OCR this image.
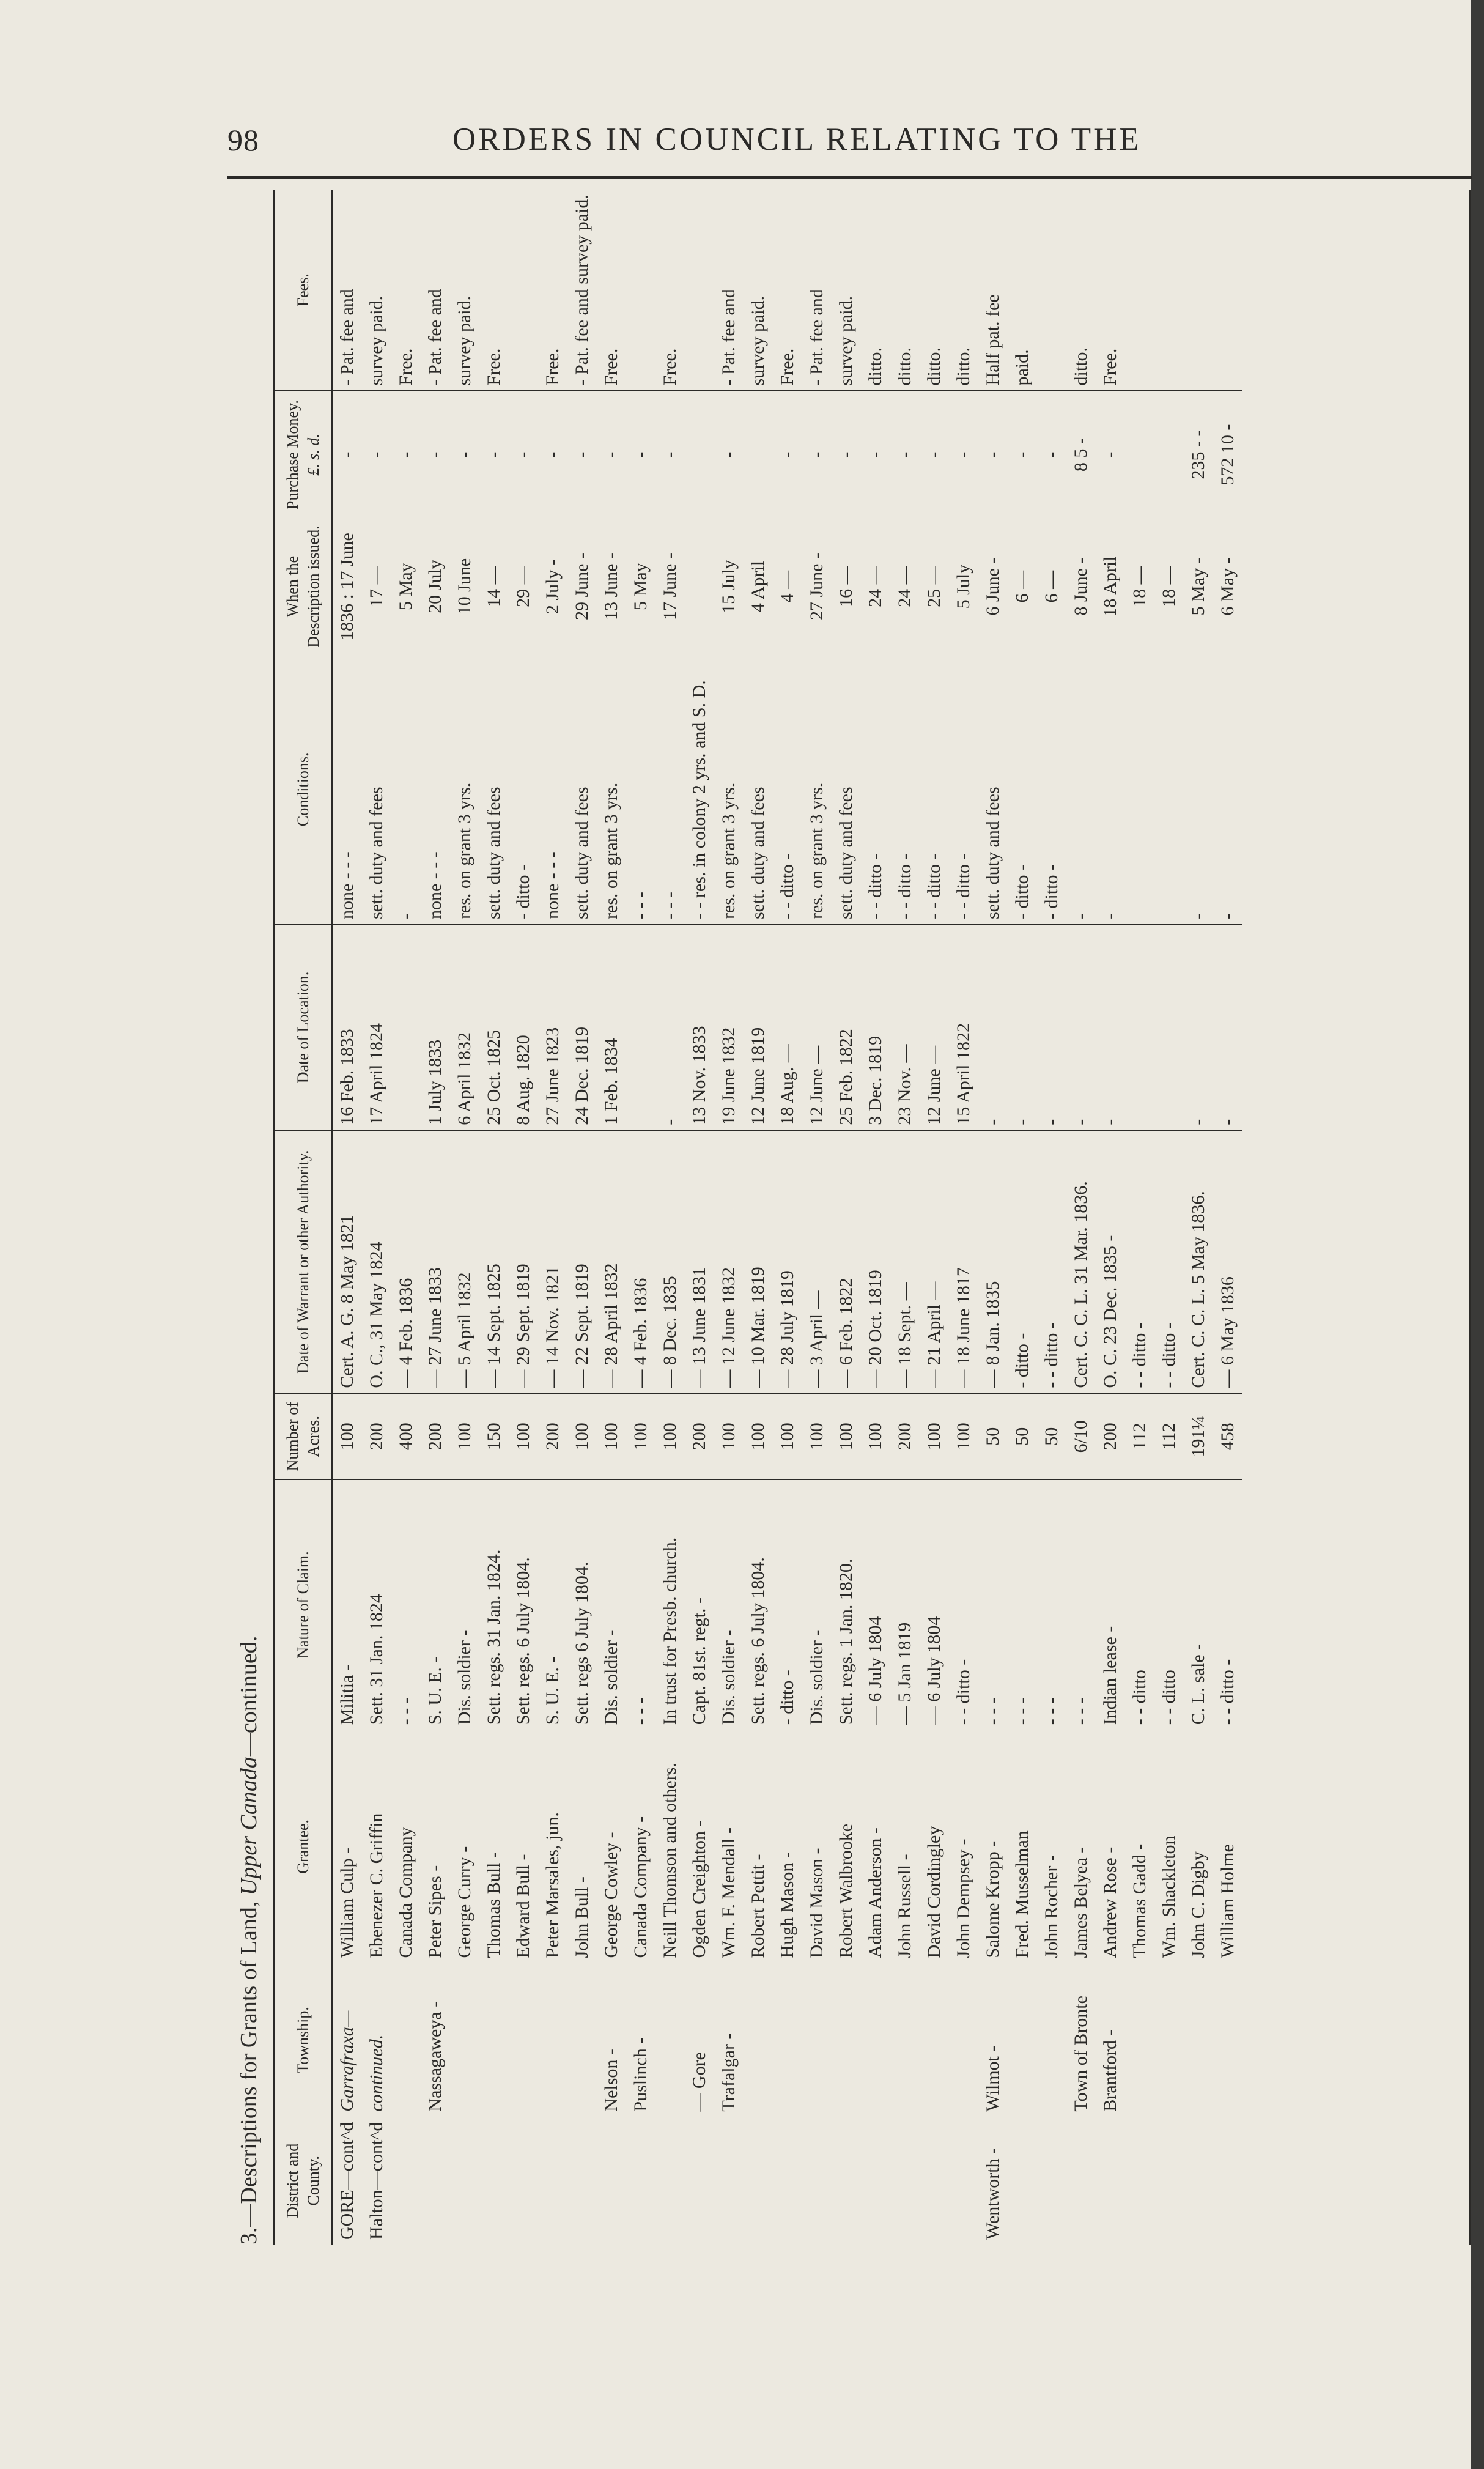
98	ORDERS IN COUNCIL RELATING TO THE
3.—Descriptions for Grants of Land, Upper Canada—continued.
District and County.	Township.	Grantee.	Nature of Claim.	Number of Acres.	Date of Warrant or other Authority.	Date of Location.	Conditions.	When the Description issued.	Purchase Money. £. s. d.	Fees.
GORE—cont^d	Garrafraxa—	William Culp -	Militia -	100	Cert. A. G. 8 May 1821	16 Feb. 1833	none - - -	1836 : 17 June	-	- Pat. fee and
Halton—cont^d	continued.	Ebenezer C. Griffin	Sett. 31 Jan. 1824	200	O. C., 31 May 1824	17 April 1824	sett. duty and fees	17 —	-	survey paid.
		Canada Company	- - -	400	— 4 Feb. 1836		-	5 May	-	Free.
	Nassagaweya -	Peter Sipes -	S. U. E. -	200	— 27 June 1833	1 July 1833	none - - -	20 July	-	- Pat. fee and
		George Curry -	Dis. soldier -	100	— 5 April 1832	6 April 1832	res. on grant 3 yrs.	10 June	-	survey paid.
		Thomas Bull -	Sett. regs. 31 Jan. 1824.	150	— 14 Sept. 1825	25 Oct. 1825	sett. duty and fees	14 —	-	Free.
		Edward Bull -	Sett. regs. 6 July 1804.	100	— 29 Sept. 1819	8 Aug. 1820	- ditto -	29 —	-	
		Peter Marsales, jun.	S. U. E. -	200	— 14 Nov. 1821	27 June 1823	none - - -	2 July -	-	Free.
		John Bull -	Sett. regs 6 July 1804.	100	— 22 Sept. 1819	24 Dec. 1819	sett. duty and fees	29 June -	-	- Pat. fee and survey paid.
	Nelson -	George Cowley -	Dis. soldier -	100	— 28 April 1832	1 Feb. 1834	res. on grant 3 yrs.	13 June -	-	Free.
	Puslinch -	Canada Company -	- - -	100	— 4 Feb. 1836		- - -	5 May	-	
		Neill Thomson and others.	In trust for Presb. church.	100	— 8 Dec. 1835	-	- - -	17 June -	-	Free.
	— Gore	Ogden Creighton -	Capt. 81st. regt. -	200	— 13 June 1831	13 Nov. 1833	- - res. in colony 2 yrs. and S. D.			
	Trafalgar -	Wm. F. Mendall -	Dis. soldier -	100	— 12 June 1832	19 June 1832	res. on grant 3 yrs.	15 July	-	- Pat. fee and
		Robert Pettit -	Sett. regs. 6 July 1804.	100	— 10 Mar. 1819	12 June 1819	sett. duty and fees	4 April		survey paid.
		Hugh Mason -	- ditto -	100	— 28 July 1819	18 Aug. —	- - ditto -	4 —	-	Free.
		David Mason -	Dis. soldier -	100	— 3 April —	12 June —	res. on grant 3 yrs.	27 June -	-	- Pat. fee and
		Robert Walbrooke	Sett. regs. 1 Jan. 1820.	100	— 6 Feb. 1822	25 Feb. 1822	sett. duty and fees	16 —	-	survey paid.
		Adam Anderson -	— 6 July 1804	100	— 20 Oct. 1819	3 Dec. 1819	- - ditto -	24 —	-	ditto.
		John Russell -	— 5 Jan 1819	200	— 18 Sept. —	23 Nov. —	- - ditto -	24 —	-	ditto.
		David Cordingley	— 6 July 1804	100	— 21 April —	12 June —	- - ditto -	25 —	-	ditto.
		John Dempsey -	- - ditto -	100	— 18 June 1817	15 April 1822	- - ditto -	5 July	-	ditto.
Wentworth -	Wilmot -	Salome Kropp -	- - -	50	— 8 Jan. 1835	-	sett. duty and fees	6 June -	-	Half pat. fee
		Fred. Musselman	- - -	50	- ditto -	-	- ditto -	6 —	-	paid.
		John Rocher -	- - -	50	- - ditto -	-	- ditto -	6 —	-	
	Town of Bronte	James Belyea -	- - -	6/10	Cert. C. C. L. 31 Mar. 1836.	-	-	8 June -	8 5 -	ditto.
	Brantford -	Andrew Rose -	Indian lease -	200	O. C. 23 Dec. 1835 -	-	-	18 April	-	Free.
		Thomas Gadd -	- - ditto	112	- - ditto -			18 —		
		Wm. Shackleton	- - ditto	112	- - ditto -			18 —		
		John C. Digby	C. L. sale -	191¼	Cert. C. C. L. 5 May 1836.	-	-	5 May -	235 - -	
		William Holme	- - ditto -	458	— 6 May 1836	-	-	6 May -	572 10 -	
